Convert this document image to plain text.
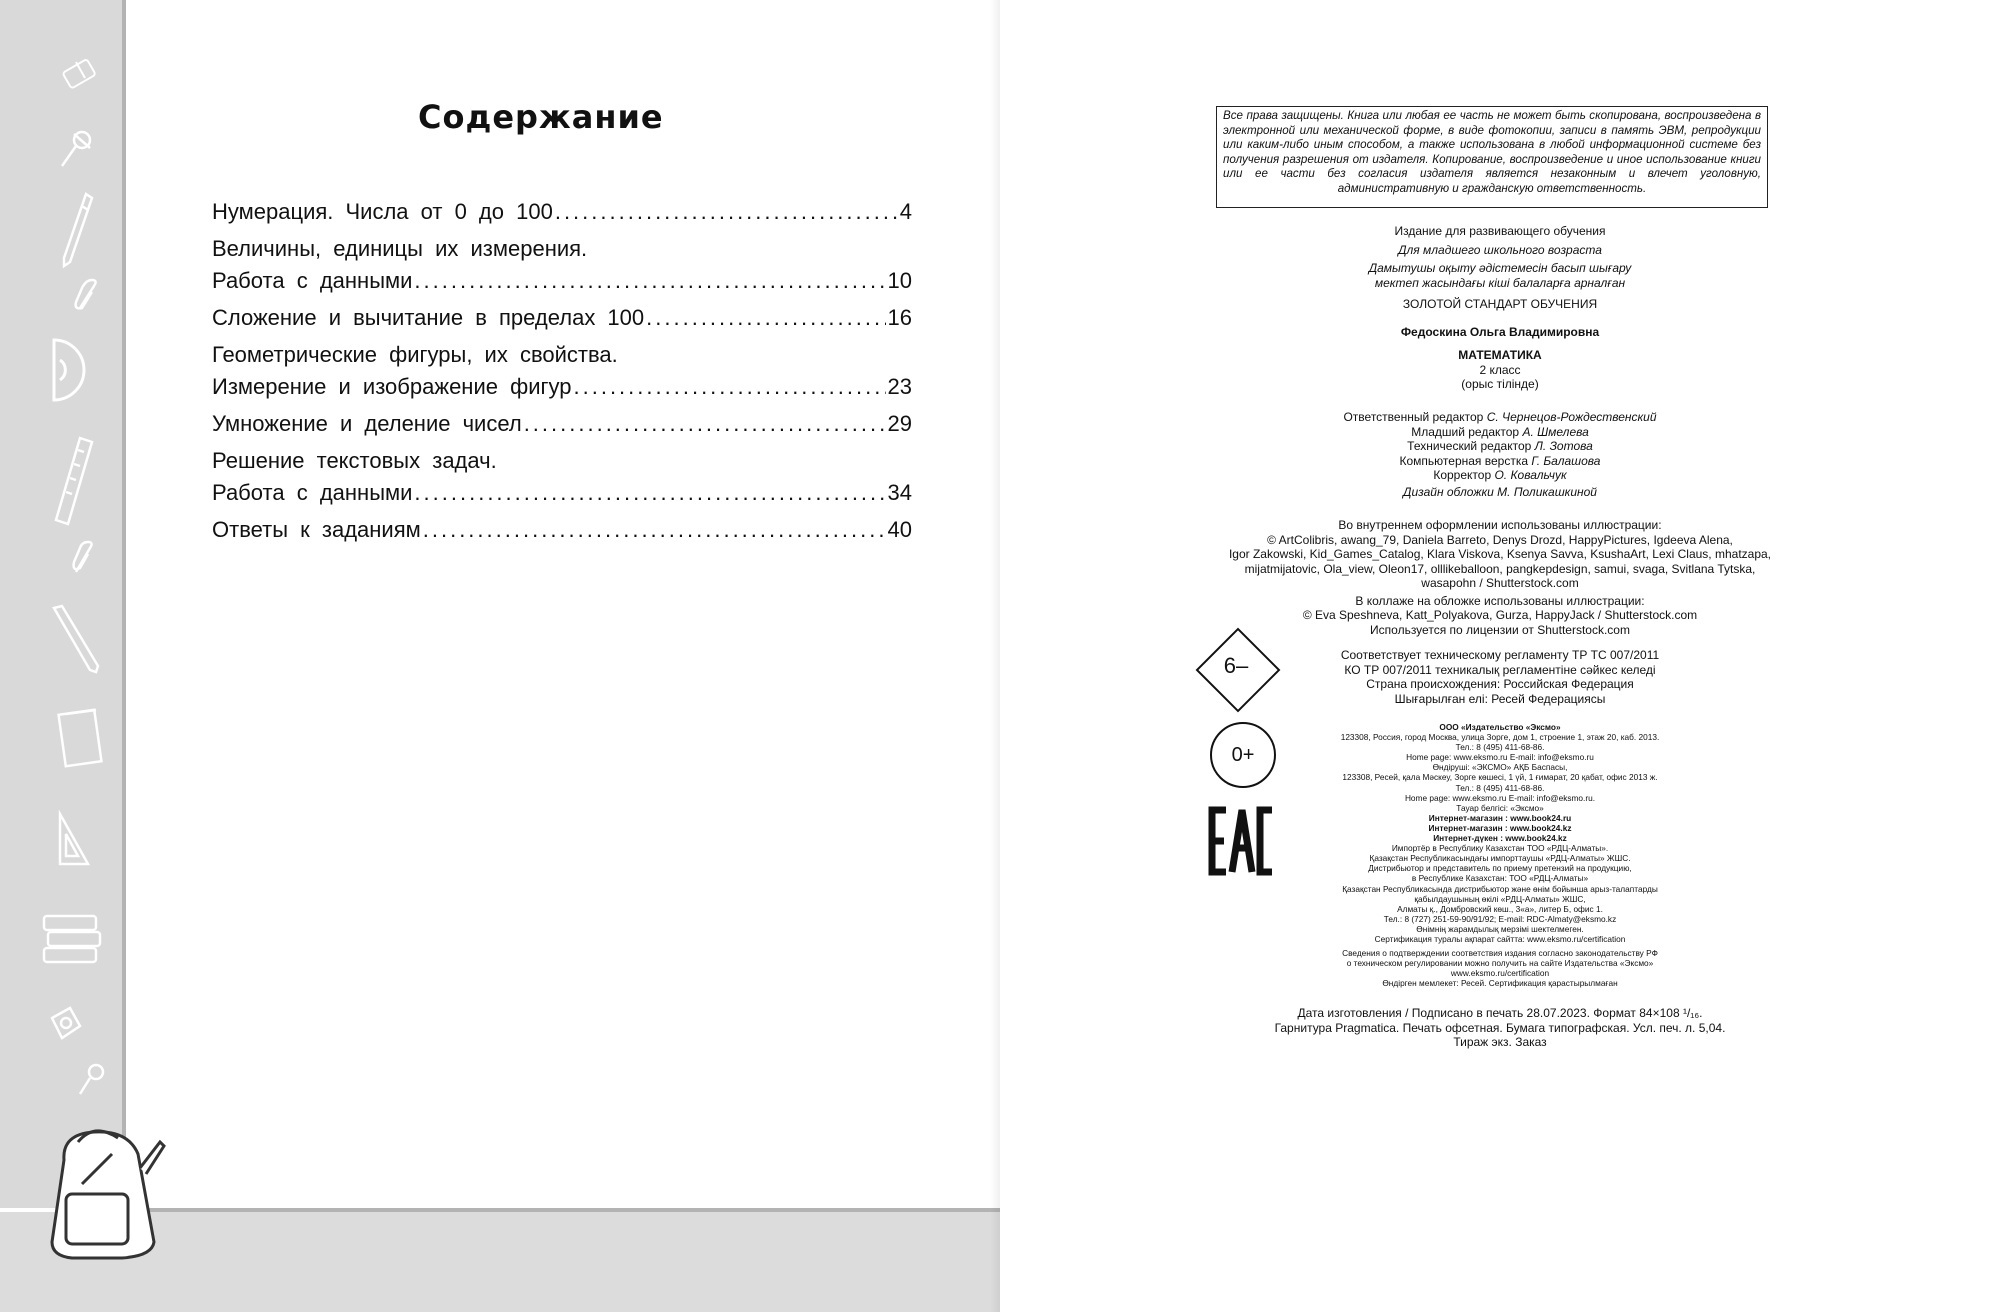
Содержание
Нумерация. Числа от 0 до 100 .....	4
Величины, единицы их измерения.
Работа с данными .....	10
Сложение и вычитание в пределах 100 .....	16
Геометрические фигуры, их свойства.
Измерение и изображение фигур .....	23
Умножение и деление чисел .....	29
Решение текстовых задач.
Работа с данными .....	34
Ответы к заданиям .....	40
Все права защищены. Книга или любая ее часть не может быть скопирована, воспроизведена в электронной или механической форме, в виде фотокопии, записи в память ЭВМ, репродукции или каким-либо иным способом, а также использована в любой информационной системе без получения разрешения от издателя. Копирование, воспроизведение и иное использование книги или ее части без согласия издателя является незаконным и влечет уголовную, административную и гражданскую ответственность.
Издание для развивающего обучения
Для младшего школьного возраста
Дамытушы оқыту әдістемесін басып шығару
мектеп жасындағы кіші балаларға арналған
ЗОЛОТОЙ СТАНДАРТ ОБУЧЕНИЯ
Федоскина Ольга Владимировна
МАТЕМАТИКА
2 класс
(орыс тілінде)
Ответственный редактор С. Чернецов-Рождественский
Младший редактор А. Шмелева
Технический редактор Л. Зотова
Компьютерная верстка Г. Балашова
Корректор О. Ковальчук
Дизайн обложки М. Поликашкиной
Во внутреннем оформлении использованы иллюстрации:
© ArtColibris, awang_79, Daniela Barreto, Denys Drozd, HappyPictures, Igdeeva Alena,
Igor Zakowski, Kid_Games_Catalog, Klara Viskova, Ksenya Savva, KsushaArt, Lexi Claus, mhatzapa,
mijatmijatovic, Ola_view, Oleon17, olllikeballoon, pangkepdesign, samui, svaga, Svitlana Tytska,
wasapohn / Shutterstock.com
В коллаже на обложке использованы иллюстрации:
© Eva Speshneva, Katt_Polyakova, Gurza, HappyJack / Shutterstock.com
Используется по лицензии от Shutterstock.com
Соответствует техническому регламенту ТР ТС 007/2011
КО ТР 007/2011 техникалық регламентіне сәйкес келеді
Страна происхождения: Российская Федерация
Шығарылған елі: Ресей Федерациясы
6–
0+
ООО «Издательство «Эксмо»
123308, Россия, город Москва, улица Зорге, дом 1, строение 1, этаж 20, каб. 2013.
Тел.: 8 (495) 411-68-86.
Home page: www.eksmo.ru E-mail: info@eksmo.ru
Өндіруші: «ЭКСМО» АҚБ Баспасы,
123308, Ресей, қала Мәскеу, Зорге көшесі, 1 үй, 1 ғимарат, 20 қабат, офис 2013 ж.
Тел.: 8 (495) 411-68-86.
Home page: www.eksmo.ru E-mail: info@eksmo.ru.
Тауар белгісі: «Эксмо»
Интернет-магазин : www.book24.ru
Интернет-магазин : www.book24.kz
Интернет-дүкен : www.book24.kz
Импортёр в Республику Казахстан ТОО «РДЦ-Алматы».
Қазақстан Республикасындағы импорттаушы «РДЦ-Алматы» ЖШС.
Дистрибьютор и представитель по приему претензий на продукцию,
в Республике Казахстан: ТОО «РДЦ-Алматы»
Қазақстан Республикасында дистрибьютор және өнім бойынша арыз-талаптарды
қабылдаушының өкілі «РДЦ-Алматы» ЖШС,
Алматы қ., Домбровский көш., 3«а», литер Б, офис 1.
Тел.: 8 (727) 251-59-90/91/92; E-mail: RDC-Almaty@eksmo.kz
Өнімнің жарамдылық мерзімі шектелмеген.
Сертификация туралы ақпарат сайтта: www.eksmo.ru/certification
Сведения о подтверждении соответствия издания согласно законодательству РФ
о техническом регулировании можно получить на сайте Издательства «Эксмо»
www.eksmo.ru/certification
Өндірген мемлекет: Ресей. Сертификация қарастырылмаған
Дата изготовления / Подписано в печать 28.07.2023. Формат 84×108 ¹/₁₆.
Гарнитура Pragmatica. Печать офсетная. Бумага типографская. Усл. печ. л. 5,04.
Тираж экз. Заказ
